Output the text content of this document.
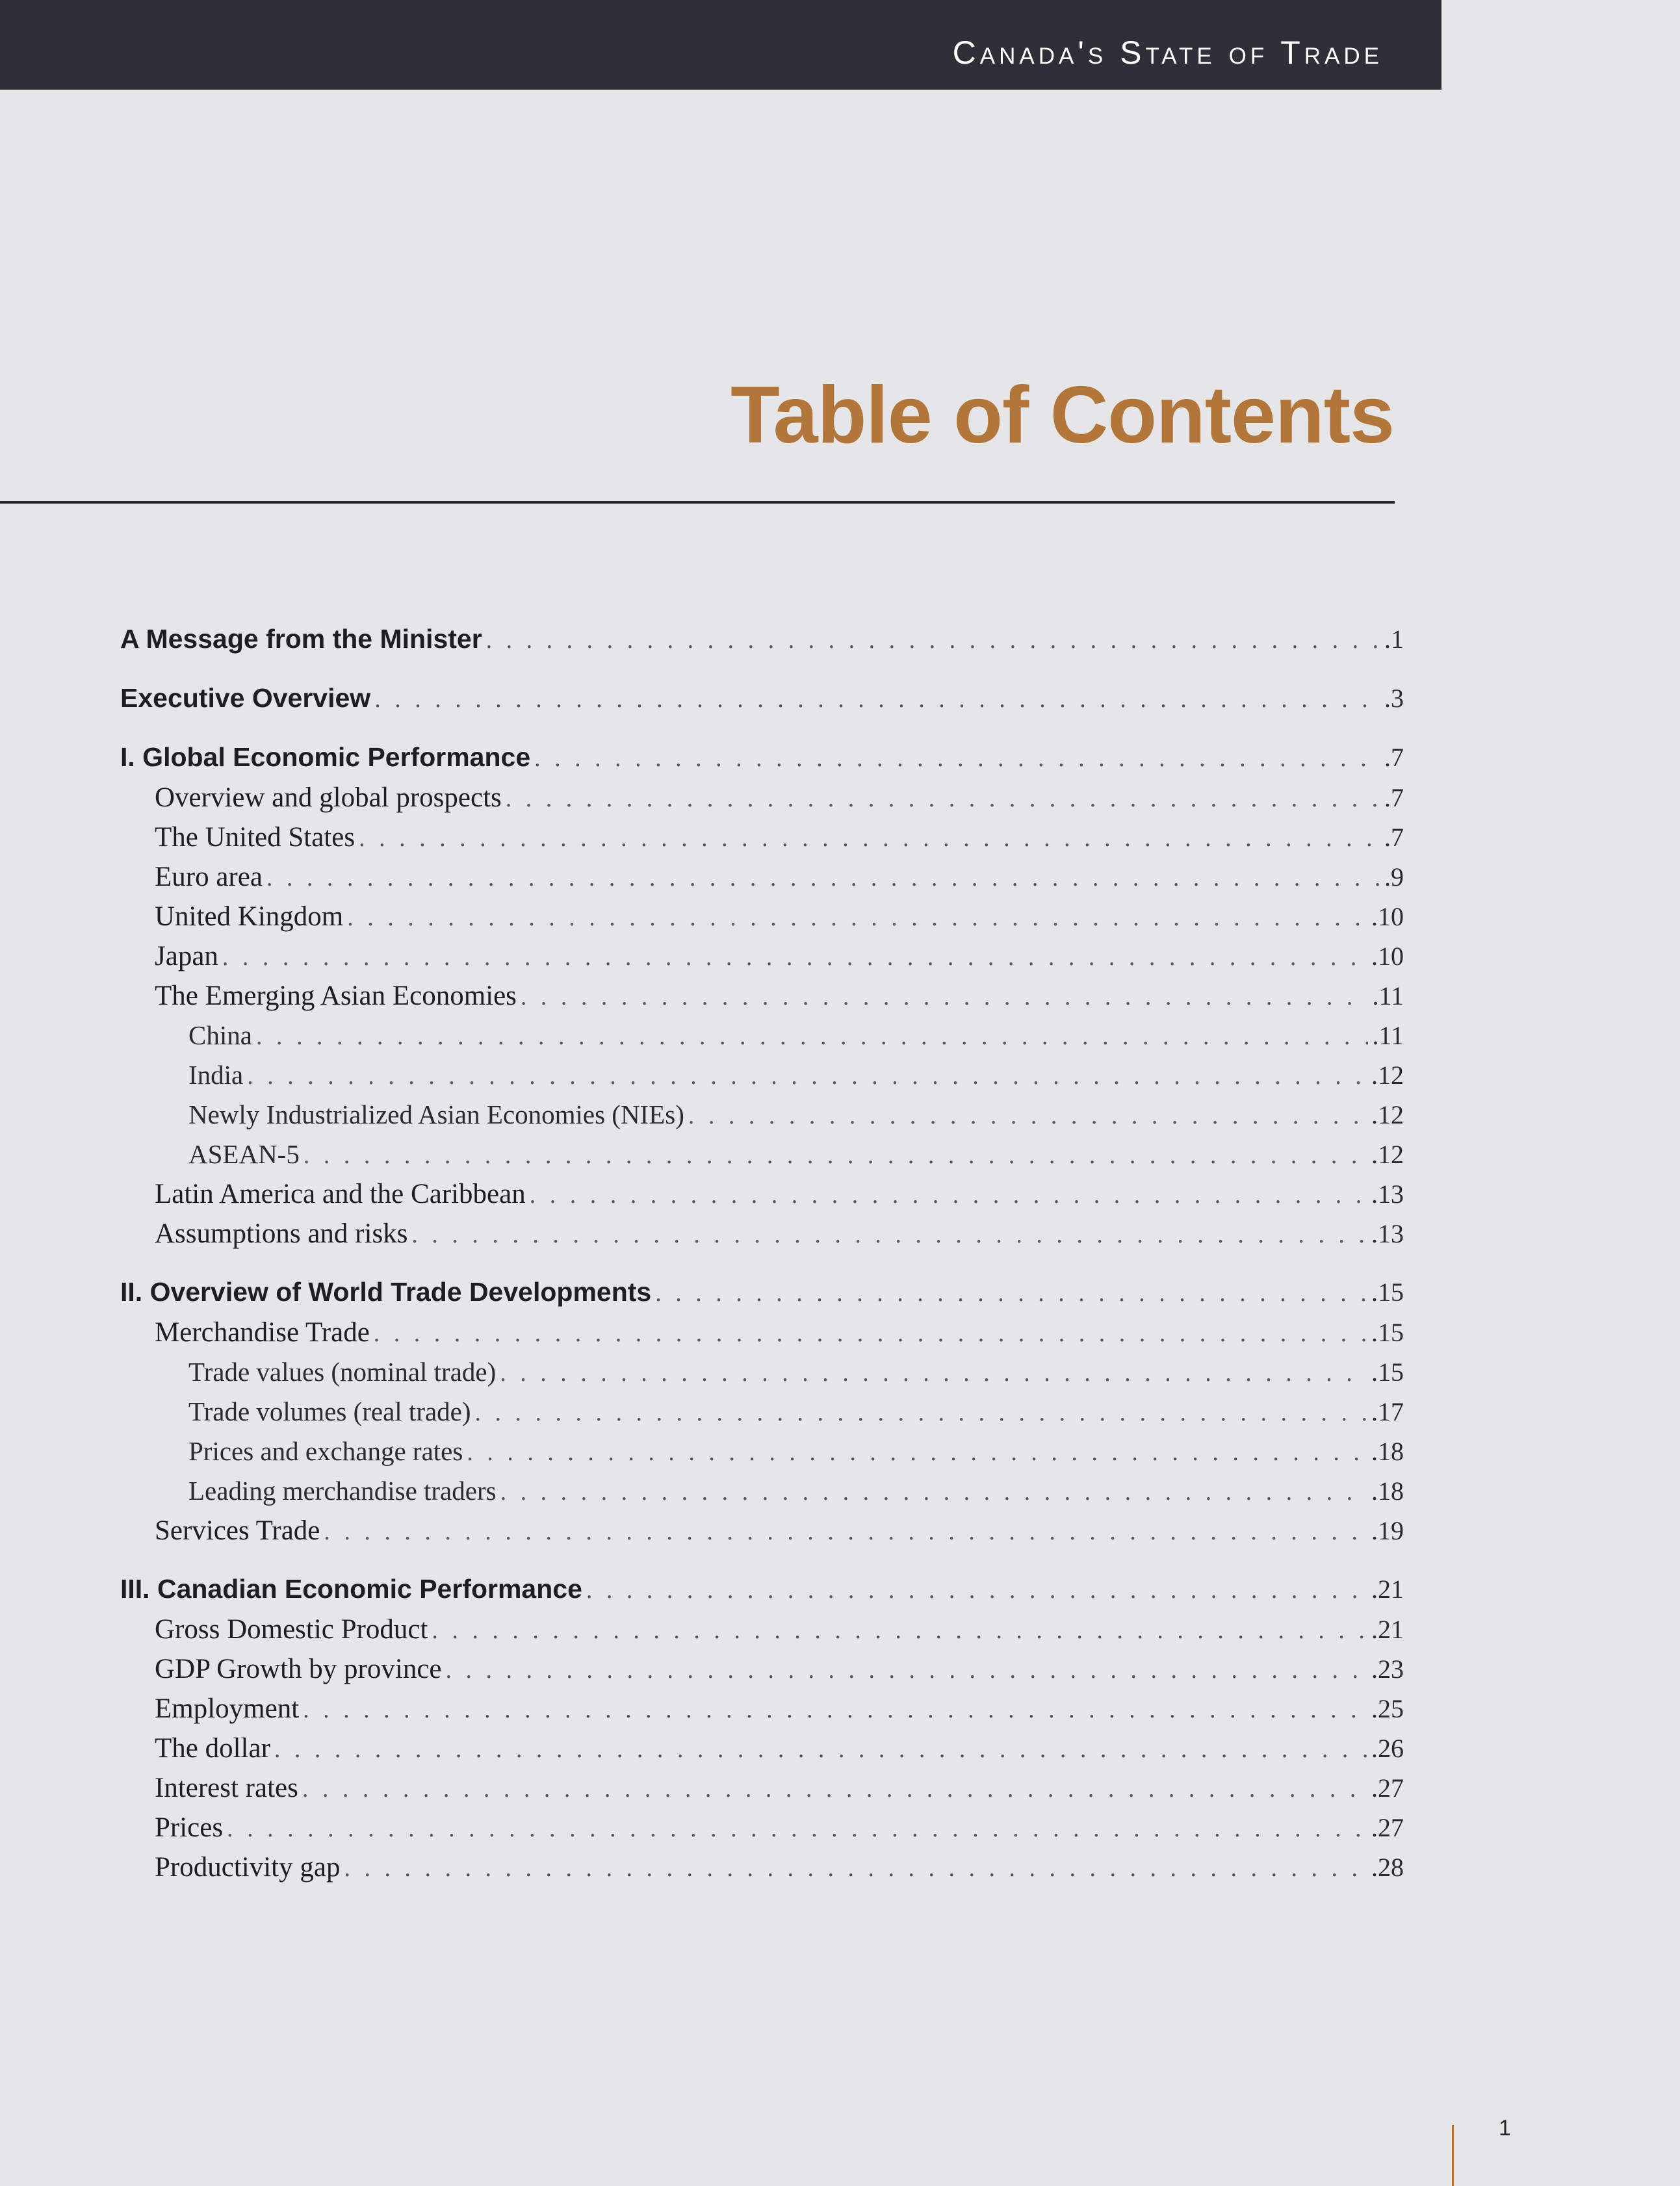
Canada's State of Trade
Table of Contents
A Message from the Minister . . .	.1
Executive Overview . . .	.3
I. Global Economic Performance . . .	.7
Overview and global prospects . . .	.7
The United States . . .	.7
Euro area . . .	.9
United Kingdom . . .	.10
Japan . . .	.10
The Emerging Asian Economies . . .	.11
China . . .	.11
India . . .	.12
Newly Industrialized Asian Economies (NIEs) . . .	.12
ASEAN-5 . . .	.12
Latin America and the Caribbean . . .	.13
Assumptions and risks . . .	.13
II. Overview of World Trade Developments . . .	.15
Merchandise Trade . . .	.15
Trade values (nominal trade) . . .	.15
Trade volumes (real trade) . . .	.17
Prices and exchange rates . . .	.18
Leading merchandise traders . . .	.18
Services Trade . . .	.19
III. Canadian Economic Performance . . .	.21
Gross Domestic Product . . .	.21
GDP Growth by province . . .	.23
Employment . . .	.25
The dollar . . .	.26
Interest rates . . .	.27
Prices . . .	.27
Productivity gap . . .	.28
1
